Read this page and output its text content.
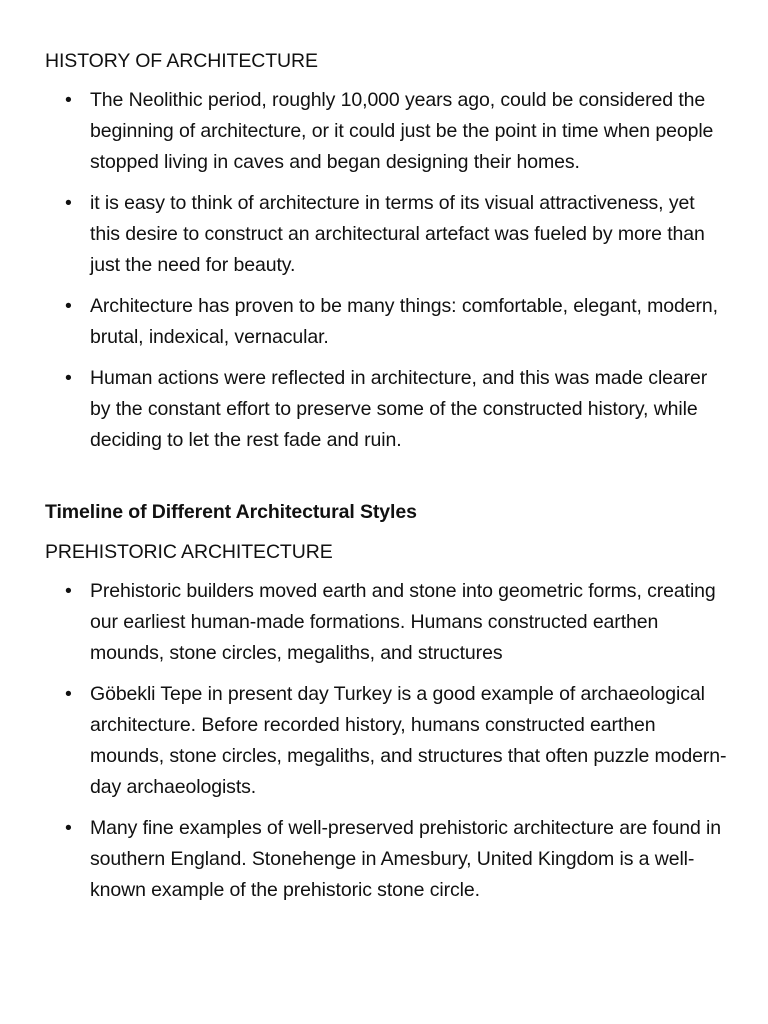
HISTORY OF ARCHITECTURE
• The Neolithic period, roughly 10,000 years ago, could be considered the beginning of architecture, or it could just be the point in time when people stopped living in caves and began designing their homes.
• it is easy to think of architecture in terms of its visual attractiveness, yet this desire to construct an architectural artefact was fueled by more than just the need for beauty.
• Architecture has proven to be many things: comfortable, elegant, modern, brutal, indexical, vernacular.
• Human actions were reflected in architecture, and this was made clearer by the constant effort to preserve some of the constructed history, while deciding to let the rest fade and ruin.
Timeline of Different Architectural Styles
PREHISTORIC ARCHITECTURE
• Prehistoric builders moved earth and stone into geometric forms, creating our earliest human-made formations. Humans constructed earthen mounds, stone circles, megaliths, and structures
• Göbekli Tepe in present day Turkey is a good example of archaeological architecture. Before recorded history, humans constructed earthen mounds, stone circles, megaliths, and structures that often puzzle modern-day archaeologists.
• Many fine examples of well-preserved prehistoric architecture are found in southern England. Stonehenge in Amesbury, United Kingdom is a well-known example of the prehistoric stone circle.
